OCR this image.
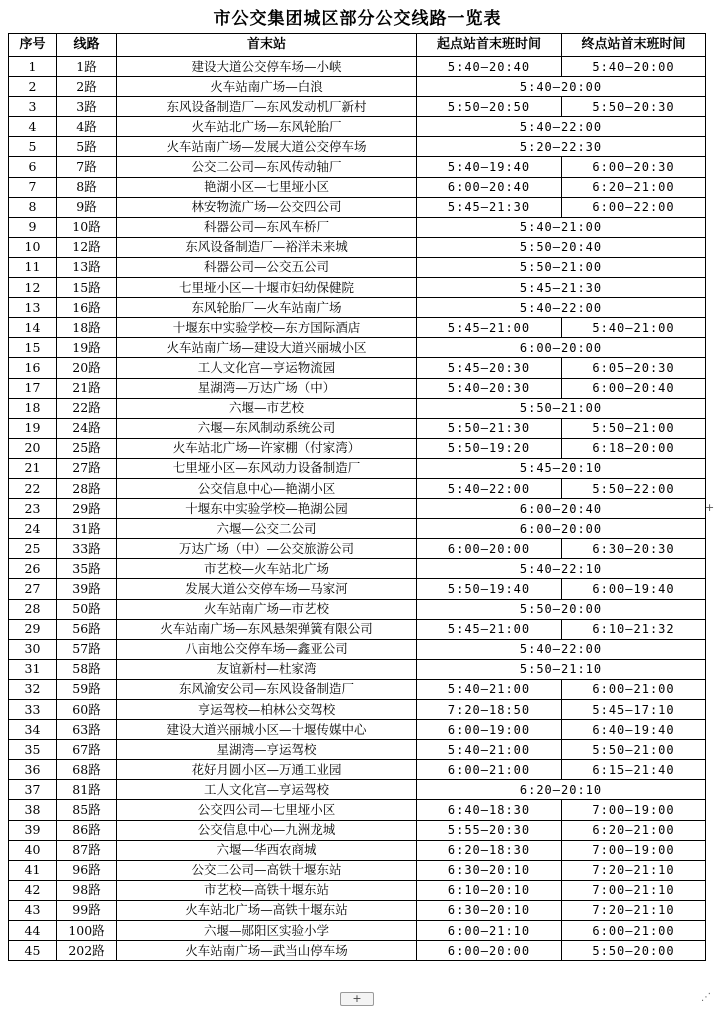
市公交集团城区部分公交线路一览表
序号	线路	首末站	起点站首末班时间	终点站首末班时间
1	1路	建设大道公交停车场—小峡	5:40—20:40	5:40—20:00
2	2路	火车站南广场—白浪	5:40—20:00	
3	3路	东风设备制造厂—东风发动机厂新村	5:50—20:50	5:50—20:30
4	4路	火车站北广场—东风轮胎厂	5:40—22:00	
5	5路	火车站南广场—发展大道公交停车场	5:20—22:30	
6	7路	公交二公司—东风传动轴厂	5:40—19:40	6:00—20:30
7	8路	艳湖小区—七里垭小区	6:00—20:40	6:20—21:00
8	9路	林安物流广场—公交四公司	5:45—21:30	6:00—22:00
9	10路	科器公司—东风车桥厂	5:40—21:00	
10	12路	东风设备制造厂—裕洋未来城	5:50—20:40	
11	13路	科器公司—公交五公司	5:50—21:00	
12	15路	七里垭小区—十堰市妇幼保健院	5:45—21:30	
13	16路	东风轮胎厂—火车站南广场	5:40—22:00	
14	18路	十堰东中实验学校—东方国际酒店	5:45—21:00	5:40—21:00
15	19路	火车站南广场—建设大道兴丽城小区	6:00—20:00	
16	20路	工人文化宫—亨运物流园	5:45—20:30	6:05—20:30
17	21路	星湖湾—万达广场（中）	5:40—20:30	6:00—20:40
18	22路	六堰—市艺校	5:50—21:00	
19	24路	六堰—东风制动系统公司	5:50—21:30	5:50—21:00
20	25路	火车站北广场—许家棚（付家湾）	5:50—19:20	6:18—20:00
21	27路	七里垭小区—东风动力设备制造厂	5:45—20:10	
22	28路	公交信息中心—艳湖小区	5:40—22:00	5:50—22:00
23	29路	十堰东中实验学校—艳湖公园	6:00—20:40	
24	31路	六堰—公交二公司	6:00—20:00	
25	33路	万达广场（中）—公交旅游公司	6:00—20:00	6:30—20:30
26	35路	市艺校—火车站北广场	5:40—22:10	
27	39路	发展大道公交停车场—马家河	5:50—19:40	6:00—19:40
28	50路	火车站南广场—市艺校	5:50—20:00	
29	56路	火车站南广场—东风悬架弹簧有限公司	5:45—21:00	6:10—21:32
30	57路	八亩地公交停车场—鑫亚公司	5:40—22:00	
31	58路	友谊新村—杜家湾	5:50—21:10	
32	59路	东风渝安公司—东风设备制造厂	5:40—21:00	6:00—21:00
33	60路	亨运驾校—柏林公交驾校	7:20—18:50	5:45—17:10
34	63路	建设大道兴丽城小区—十堰传媒中心	6:00—19:00	6:40—19:40
35	67路	星湖湾—亨运驾校	5:40—21:00	5:50—21:00
36	68路	花好月圆小区—万通工业园	6:00—21:00	6:15—21:40
37	81路	工人文化宫—亨运驾校	6:20—20:10	
38	85路	公交四公司—七里垭小区	6:40—18:30	7:00—19:00
39	86路	公交信息中心—九洲龙城	5:55—20:30	6:20—21:00
40	87路	六堰—华西农商城	6:20—18:30	7:00—19:00
41	96路	公交二公司—高铁十堰东站	6:30—20:10	7:20—21:10
42	98路	市艺校—高铁十堰东站	6:10—20:10	7:00—21:10
43	99路	火车站北广场—高铁十堰东站	6:30—20:10	7:20—21:10
44	100路	六堰—郧阳区实验小学	6:00—21:10	6:00—21:00
45	202路	火车站南广场—武当山停车场	6:00—20:00	5:50—20:00
+
+	⋰
